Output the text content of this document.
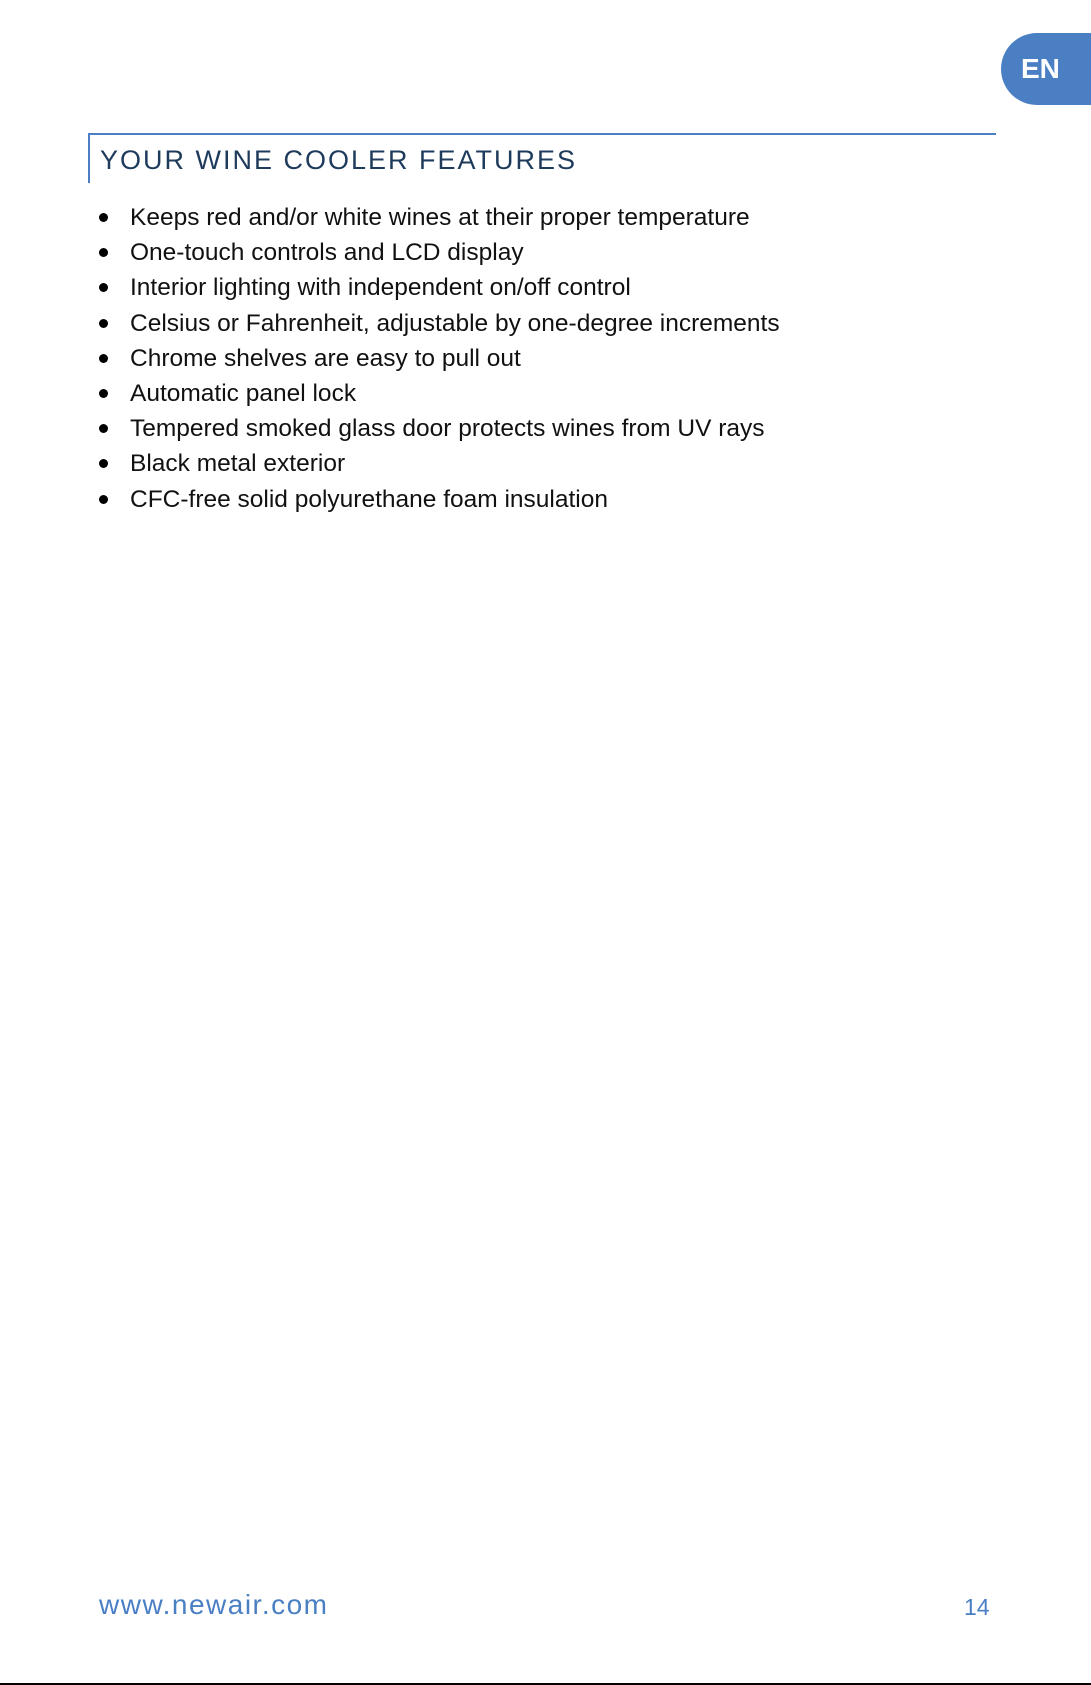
EN
YOUR WINE COOLER FEATURES
Keeps red and/or white wines at their proper temperature
One-touch controls and LCD display
Interior lighting with independent on/off control
Celsius or Fahrenheit, adjustable by one-degree increments
Chrome shelves are easy to pull out
Automatic panel lock
Tempered smoked glass door protects wines from UV rays
Black metal exterior
CFC-free solid polyurethane foam insulation
www.newair.com	14
